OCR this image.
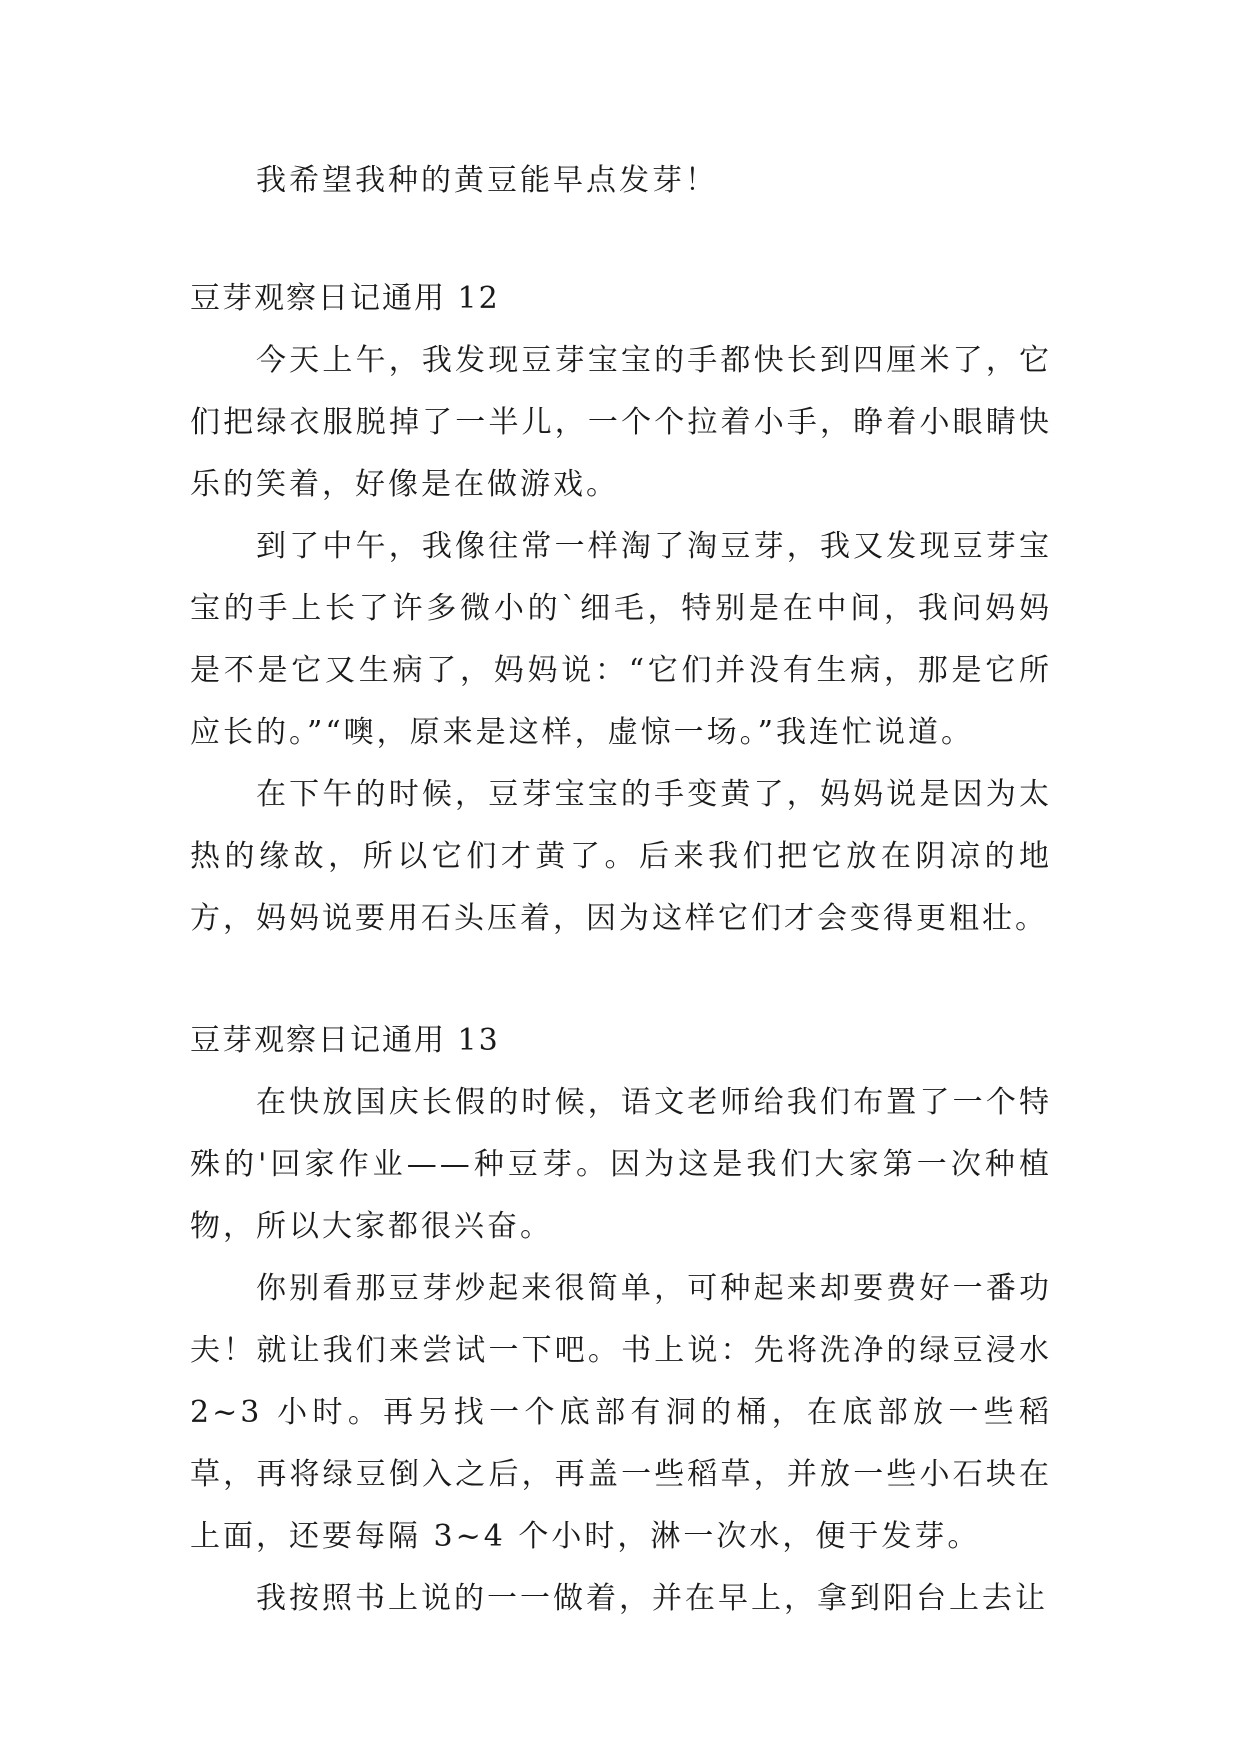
我希望我种的黄豆能早点发芽！

豆芽观察日记通用 12

今天上午，我发现豆芽宝宝的手都快长到四厘米了，它们把绿衣服脱掉了一半儿，一个个拉着小手，睁着小眼睛快乐的笑着，好像是在做游戏。

到了中午，我像往常一样淘了淘豆芽，我又发现豆芽宝宝的手上长了许多微小的`细毛，特别是在中间，我问妈妈是不是它又生病了，妈妈说：“它们并没有生病，那是它所应长的。”“噢，原来是这样，虚惊一场。”我连忙说道。

在下午的时候，豆芽宝宝的手变黄了，妈妈说是因为太热的缘故，所以它们才黄了。后来我们把它放在阴凉的地方，妈妈说要用石头压着，因为这样它们才会变得更粗壮。

豆芽观察日记通用 13

在快放国庆长假的时候，语文老师给我们布置了一个特殊的'回家作业——种豆芽。因为这是我们大家第一次种植物，所以大家都很兴奋。

你别看那豆芽炒起来很简单，可种起来却要费好一番功夫！就让我们来尝试一下吧。书上说：先将洗净的绿豆浸水 2~3 小时。再另找一个底部有洞的桶，在底部放一些稻草，再将绿豆倒入之后，再盖一些稻草，并放一些小石块在上面，还要每隔 3~4 个小时，淋一次水，便于发芽。

我按照书上说的一一做着，并在早上，拿到阳台上去让
